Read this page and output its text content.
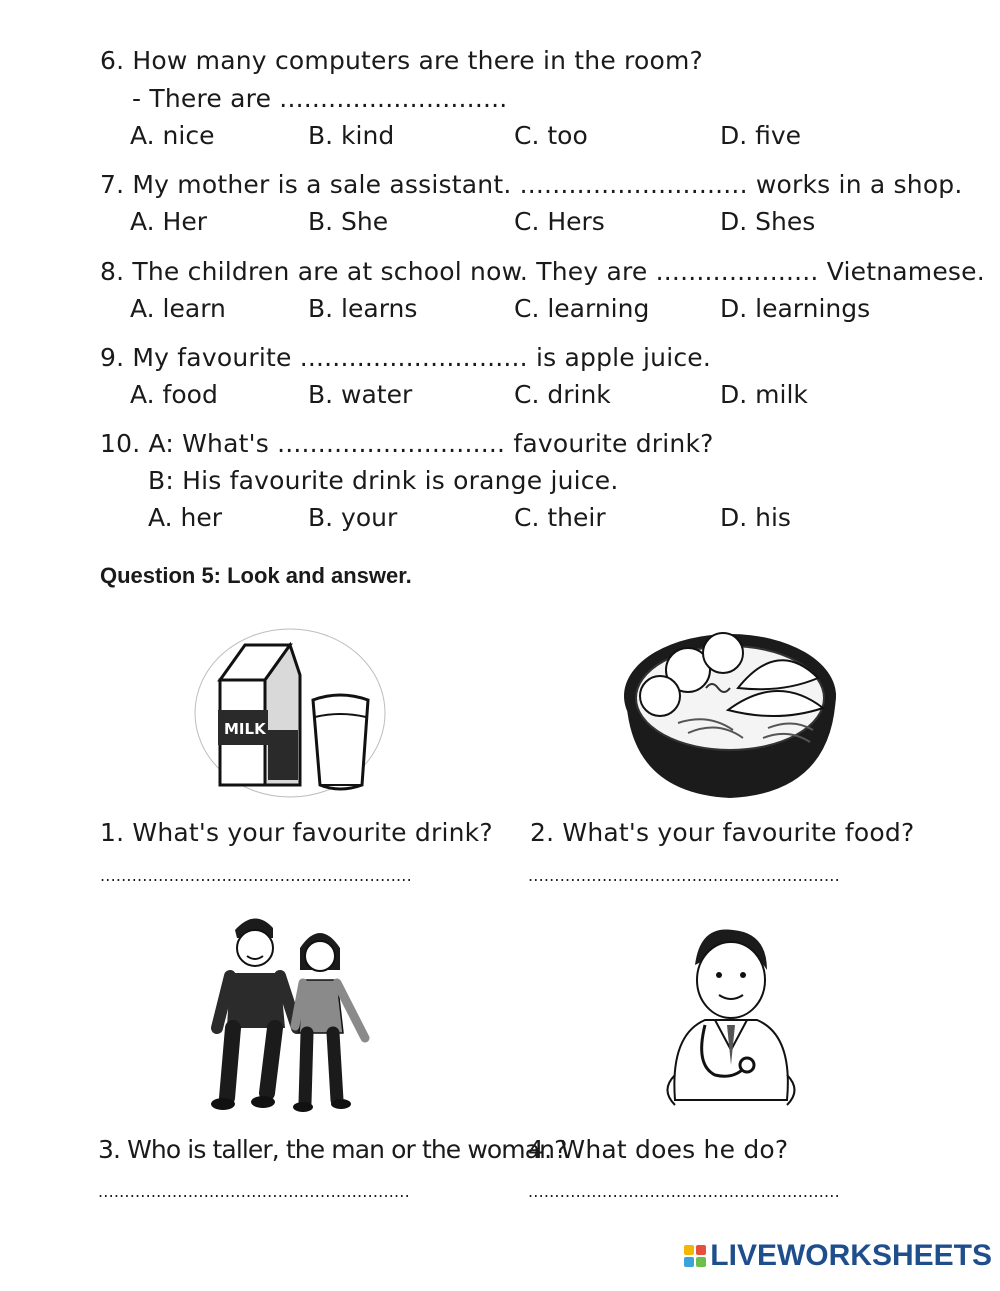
6. How many computers are there in the room?
- There are ............................
A. nice	B. kind	C. too	D. five
7. My mother is a sale assistant. ............................ works in a shop.
A. Her	B. She	C. Hers	D. Shes
8. The children are at school now. They are .................... Vietnamese.
A. learn	B. learns	C. learning	D. learnings
9. My favourite ............................ is apple juice.
A. food	B. water	C. drink	D. milk
10. A: What's ............................ favourite drink?
B: His favourite drink is orange juice.
A. her	B. your	C. their	D. his
Question 5: Look and answer.
MILK
1. What's your favourite drink? 2. What's your favourite food?
...........................................................	...........................................................
3. Who is taller, the man or the woman?
4. What does he do?
...........................................................	...........................................................
LIVEWORKSHEETS
